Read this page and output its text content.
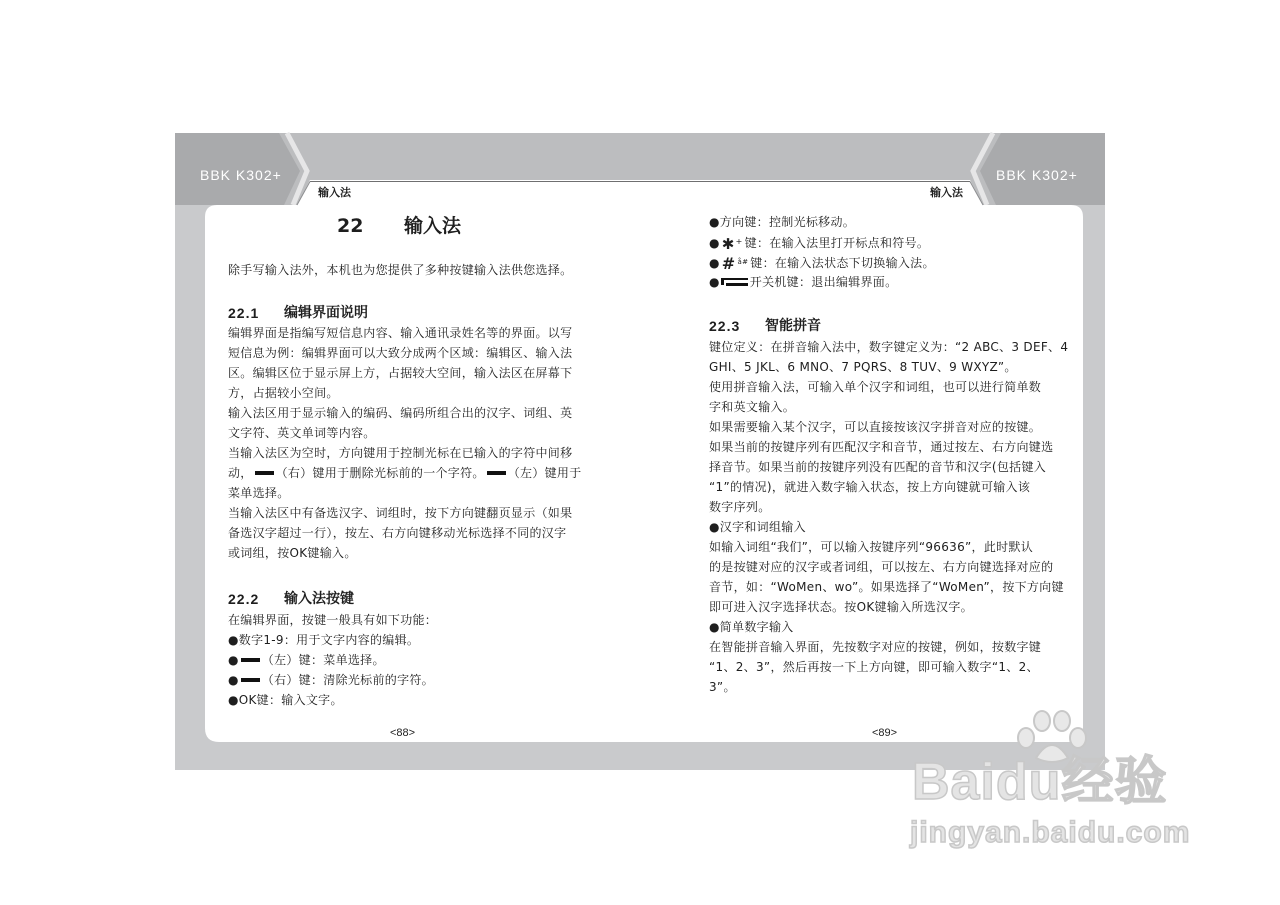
BBK K302+	BBK K302+
输入法	输入法
22 输入法
除手写输入法外，本机也为您提供了多种按键输入法供您选择。
22.1 编辑界面说明
编辑界面是指编写短信息内容、输入通讯录姓名等的界面。以写
短信息为例：编辑界面可以大致分成两个区域：编辑区、输入法
区。编辑区位于显示屏上方，占据较大空间，输入法区在屏幕下
方，占据较小空间。
输入法区用于显示输入的编码、编码所组合出的汉字、词组、英
文字符、英文单词等内容。
当输入法区为空时，方向键用于控制光标在已输入的字符中间移
动， （右）键用于删除光标前的一个字符。 （左）键用于
菜单选择。
当输入法区中有备选汉字、词组时，按下方向键翻页显示（如果
备选汉字超过一行），按左、右方向键移动光标选择不同的汉字
或词组，按OK键输入。
22.2 输入法按键
在编辑界面，按键一般具有如下功能：
●数字1-9：用于文字内容的编辑。
● （左）键：菜单选择。
● （右）键：清除光标前的字符。
●OK键：输入文字。
<88>
●方向键：控制光标移动。
● ✱ + 键：在输入法里打开标点和符号。
● # å#	键：在输入法状态下切换输入法。
●	开关机键：退出编辑界面。
22.3 智能拼音
键位定义：在拼音输入法中，数字键定义为：“2 ABC、3 DEF、4
GHI、5 JKL、6 MNO、7 PQRS、8 TUV、9 WXYZ”。
使用拼音输入法，可输入单个汉字和词组，也可以进行简单数
字和英文输入。
如果需要输入某个汉字，可以直接按该汉字拼音对应的按键。
如果当前的按键序列有匹配汉字和音节，通过按左、右方向键选
择音节。如果当前的按键序列没有匹配的音节和汉字(包括键入
“1”的情况)，就进入数字输入状态，按上方向键就可输入该
数字序列。
●汉字和词组输入
如输入词组“我们”，可以输入按键序列“96636”，此时默认
的是按键对应的汉字或者词组，可以按左、右方向键选择对应的
音节，如：“WoMen、wo”。如果选择了“WoMen”，按下方向键
即可进入汉字选择状态。按OK键输入所选汉字。
●简单数字输入
在智能拼音输入界面，先按数字对应的按键，例如，按数字键
“1、2、3”，然后再按一下上方向键，即可输入数字“1、2、
3”。
<89>
Baidu经验
jingyan.baidu.com
